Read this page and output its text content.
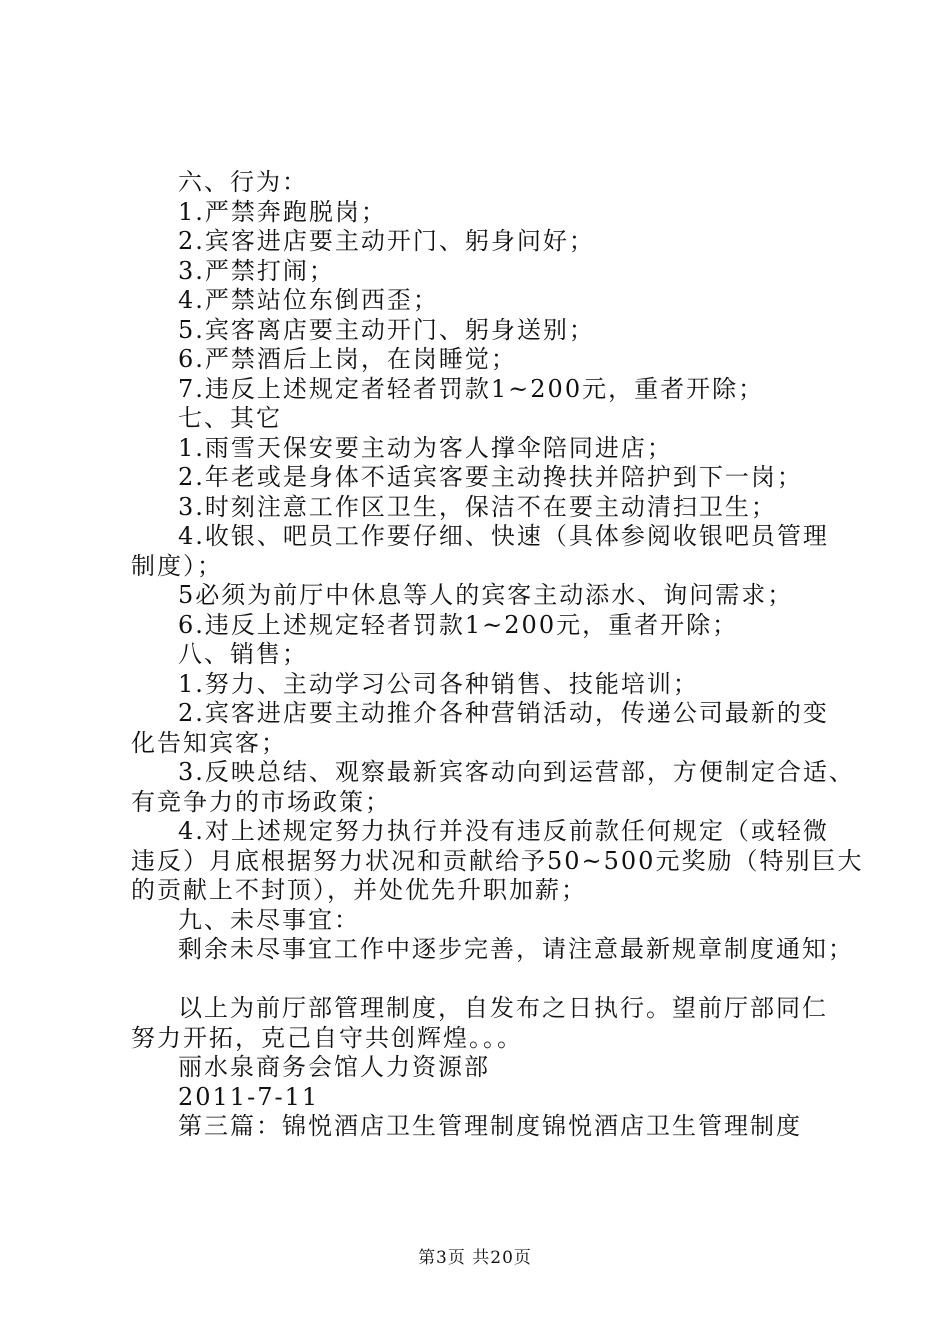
六、行为：

1.严禁奔跑脱岗；

2.宾客进店要主动开门、躬身问好；

3.严禁打闹；

4.严禁站位东倒西歪；

5.宾客离店要主动开门、躬身送别；

6.严禁酒后上岗，在岗睡觉；

7.违反上述规定者轻者罚款1~200元，重者开除；

七、其它

1.雨雪天保安要主动为客人撑伞陪同进店；

2.年老或是身体不适宾客要主动搀扶并陪护到下一岗；

3.时刻注意工作区卫生，保洁不在要主动清扫卫生；

4.收银、吧员工作要仔细、快速（具体参阅收银吧员管理

制度）；

5必须为前厅中休息等人的宾客主动添水、询问需求；

6.违反上述规定轻者罚款1~200元，重者开除；

八、销售；

1.努力、主动学习公司各种销售、技能培训；

2.宾客进店要主动推介各种营销活动，传递公司最新的变

化告知宾客；

3.反映总结、观察最新宾客动向到运营部，方便制定合适、

有竞争力的市场政策；

4.对上述规定努力执行并没有违反前款任何规定（或轻微

违反）月底根据努力状况和贡献给予50~500元奖励（特别巨大

的贡献上不封顶），并处优先升职加薪；

九、未尽事宜：

剩余未尽事宜工作中逐步完善，请注意最新规章制度通知；

以上为前厅部管理制度，自发布之日执行。望前厅部同仁

努力开拓，克己自守共创辉煌。。。

丽水泉商务会馆人力资源部

2011-7-11

第三篇：锦悦酒店卫生管理制度锦悦酒店卫生管理制度

第3页 共20页
